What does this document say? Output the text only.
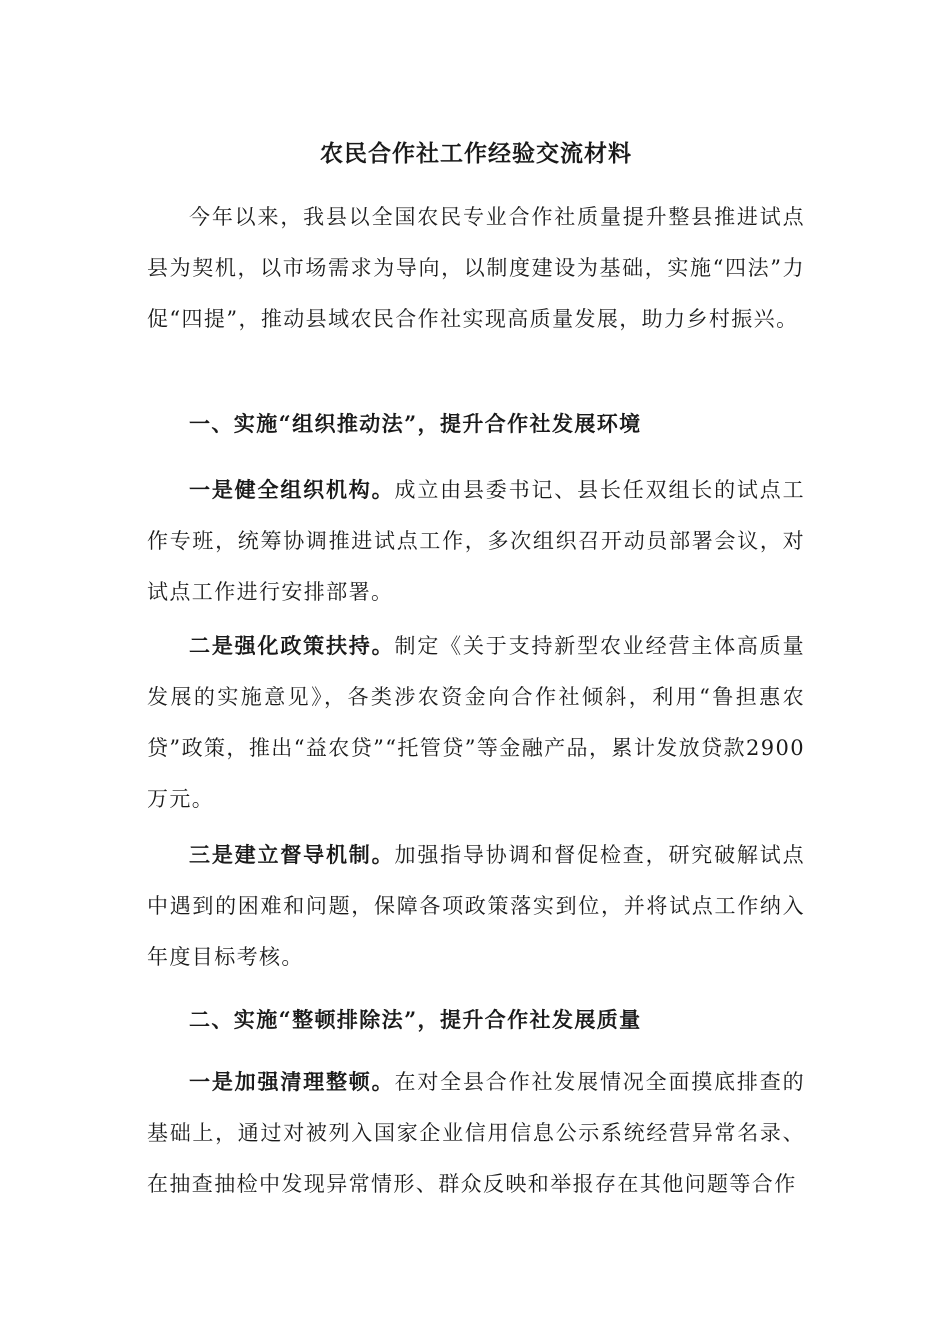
农民合作社工作经验交流材料

今年以来，我县以全国农民专业合作社质量提升整县推进试点县为契机，以市场需求为导向，以制度建设为基础，实施“四法”力促“四提”，推动县域农民合作社实现高质量发展，助力乡村振兴。

一、实施“组织推动法”，提升合作社发展环境

一是健全组织机构。成立由县委书记、县长任双组长的试点工作专班，统筹协调推进试点工作，多次组织召开动员部署会议，对试点工作进行安排部署。

二是强化政策扶持。制定《关于支持新型农业经营主体高质量发展的实施意见》，各类涉农资金向合作社倾斜，利用“鲁担惠农贷”政策，推出“益农贷”“托管贷”等金融产品，累计发放贷款2900万元。

三是建立督导机制。加强指导协调和督促检查，研究破解试点中遇到的困难和问题，保障各项政策落实到位，并将试点工作纳入年度目标考核。

二、实施“整顿排除法”，提升合作社发展质量

一是加强清理整顿。在对全县合作社发展情况全面摸底排查的基础上，通过对被列入国家企业信用信息公示系统经营异常名录、在抽查抽检中发现异常情形、群众反映和举报存在其他问题等合作
